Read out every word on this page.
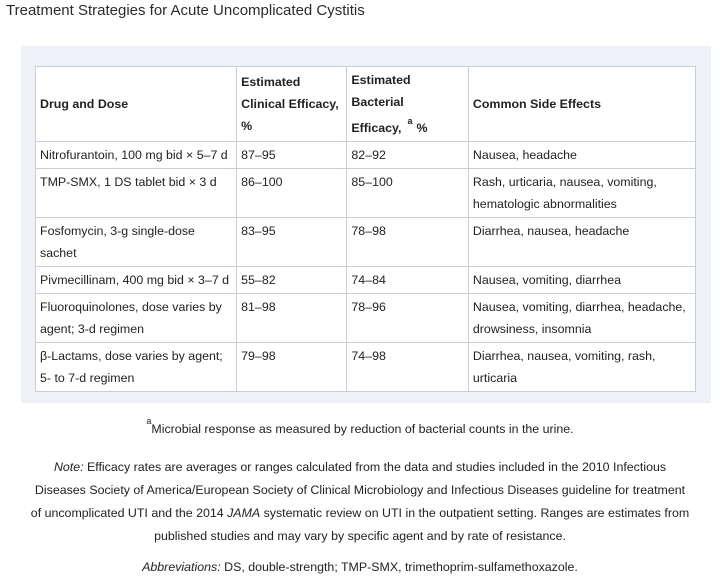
Treatment Strategies for Acute Uncomplicated Cystitis
Drug and Dose	Estimated Clinical Efficacy, %	Estimated Bacterial Efficacy,$^a$%	Common Side Effects
Nitrofurantoin, 100 mg bid × 5–7 d	87–95	82–92	Nausea, headache
TMP-SMX, 1 DS tablet bid × 3 d	86–100	85–100	Rash, urticaria, nausea, vomiting, hematologic abnormalities
Fosfomycin, 3-g single-dose sachet	83–95	78–98	Diarrhea, nausea, headache
Pivmecillinam, 400 mg bid × 3–7 d	55–82	74–84	Nausea, vomiting, diarrhea
Fluoroquinolones, dose varies by agent; 3-d regimen	81–98	78–96	Nausea, vomiting, diarrhea, headache, drowsiness, insomnia
β-Lactams, dose varies by agent; 5- to 7-d regimen	79–98	74–98	Diarrhea, nausea, vomiting, rash, urticaria
$^a$Microbial response as measured by reduction of bacterial counts in the urine.
Note: Efficacy rates are averages or ranges calculated from the data and studies included in the 2010 Infectious Diseases Society of America/European Society of Clinical Microbiology and Infectious Diseases guideline for treatment of uncomplicated UTI and the 2014 JAMA systematic review on UTI in the outpatient setting. Ranges are estimates from published studies and may vary by specific agent and by rate of resistance.
Abbreviations: DS, double-strength; TMP-SMX, trimethoprim-sulfamethoxazole.
